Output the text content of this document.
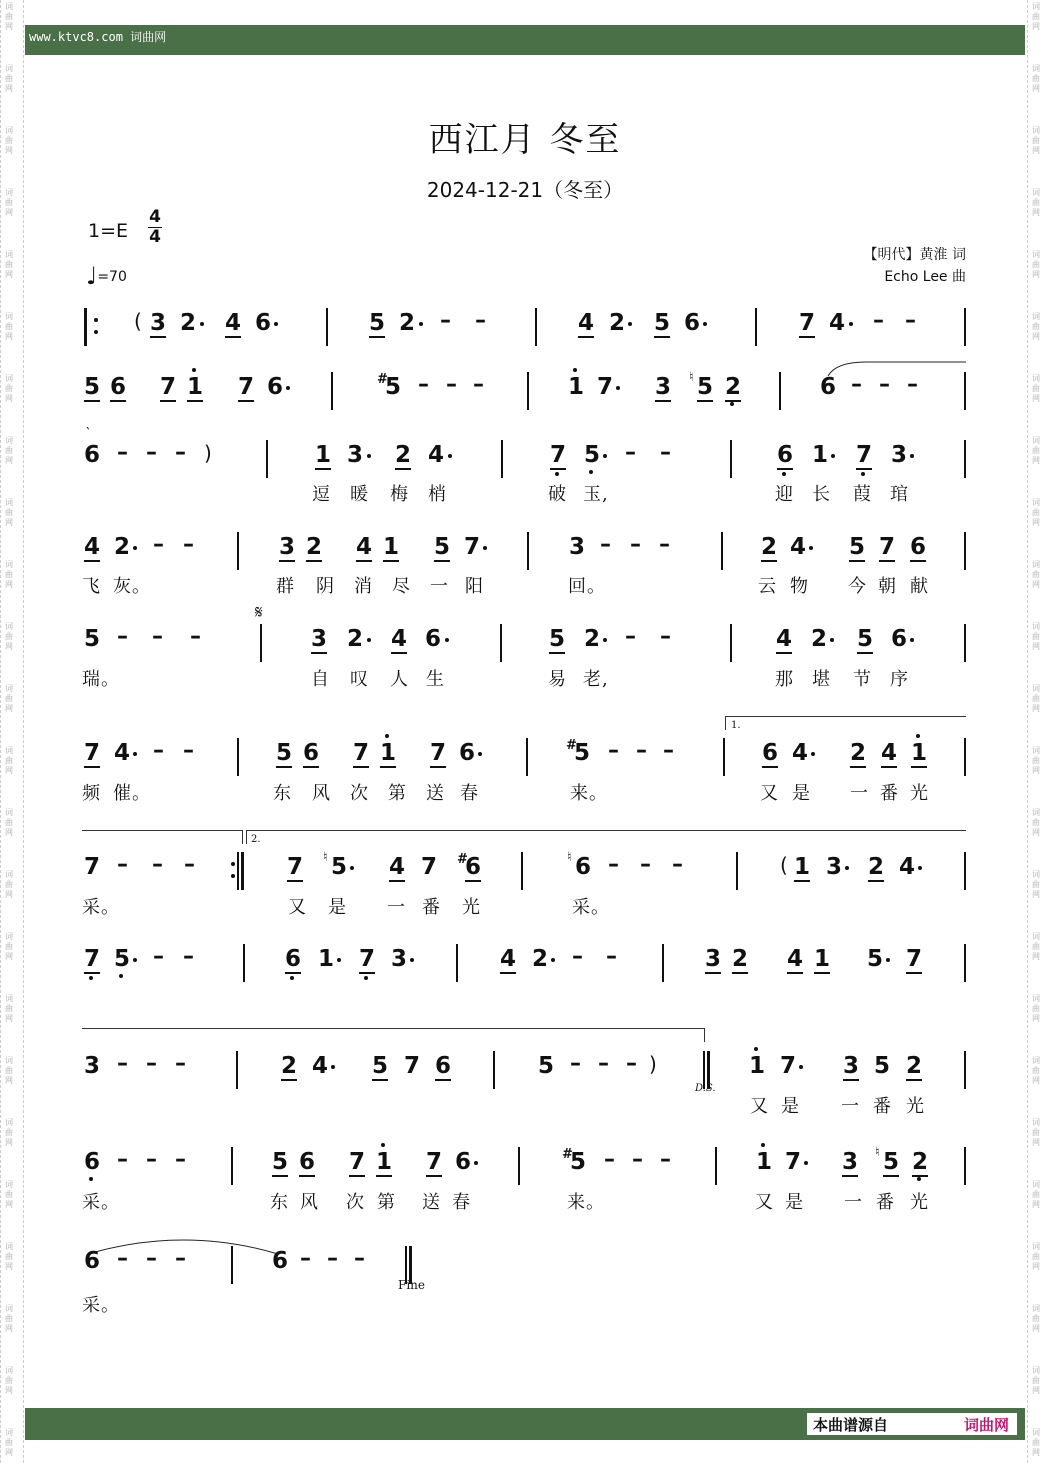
词曲网
词曲网
词曲网
词曲网
词曲网
词曲网
词曲网
词曲网
词曲网
词曲网
词曲网
词曲网
词曲网
词曲网
词曲网
词曲网
词曲网
词曲网
词曲网
词曲网
词曲网
词曲网
词曲网
词曲网
词曲网
词曲网
词曲网
词曲网
词曲网
词曲网
词曲网
词曲网
词曲网
词曲网
词曲网
词曲网
词曲网
词曲网
词曲网
词曲网
词曲网
词曲网
词曲网
词曲网
词曲网
词曲网
词曲网
词曲网
www.ktvc8.com 词曲网
西江月 冬至
2024-12-21（冬至）
1=E
4
4
♩=70
【明代】黄淮 词
Echo Lee 曲
( 3 2 4 6	5 2 – –	4 2 5 6	7 4 – –
5 6 7 1 7 6	#
5 – – –	1 7 3 ♮ 5 2	6 – – –
6 – – – )	1 3 2 4	7 5 – –	6 1 7 3
`
逗 暖 梅 梢	破 玉,	迎 长 葭 琯
4 2 – –	3 2 4 1 5 7	3 – – –	2 4 5 7 6
飞 灰。	群 阴 消 尽 一 阳	回。	云 物 今 朝 献
𝄋
5 – – –	3 2 4 6	5 2 – –	4 2 5 6
瑞。	自 叹 人 生	易 老,	那 堪 节 序
1.
7 4 – –	5 6 7 1 7 6	#
5 – – –	6 4 2 4 1
频 催。	东 风 次 第 送 春	来。	又 是 一 番 光
2.
7 – – –	7 ♮ 5 4 7 #
6	♮ 6 – – –	( 1 3 2 4
采。	又 是 一 番 光	采。
7 5 – –	6 1 7 3	4 2 – –	3 2 4 1 5 7
3 – – –	2 4 5 7 6	5 – – – )	1 7 3 5 2
D.S.
又 是 一 番 光
6 – – –	5 6 7 1 7 6	#
5 – – –	1 7 3 ♮ 5 2
采。	东 风 次 第 送 春	来。	又 是 一 番 光
6 – – –	6 – – –
Fine
采。
本曲谱源自	词曲网
